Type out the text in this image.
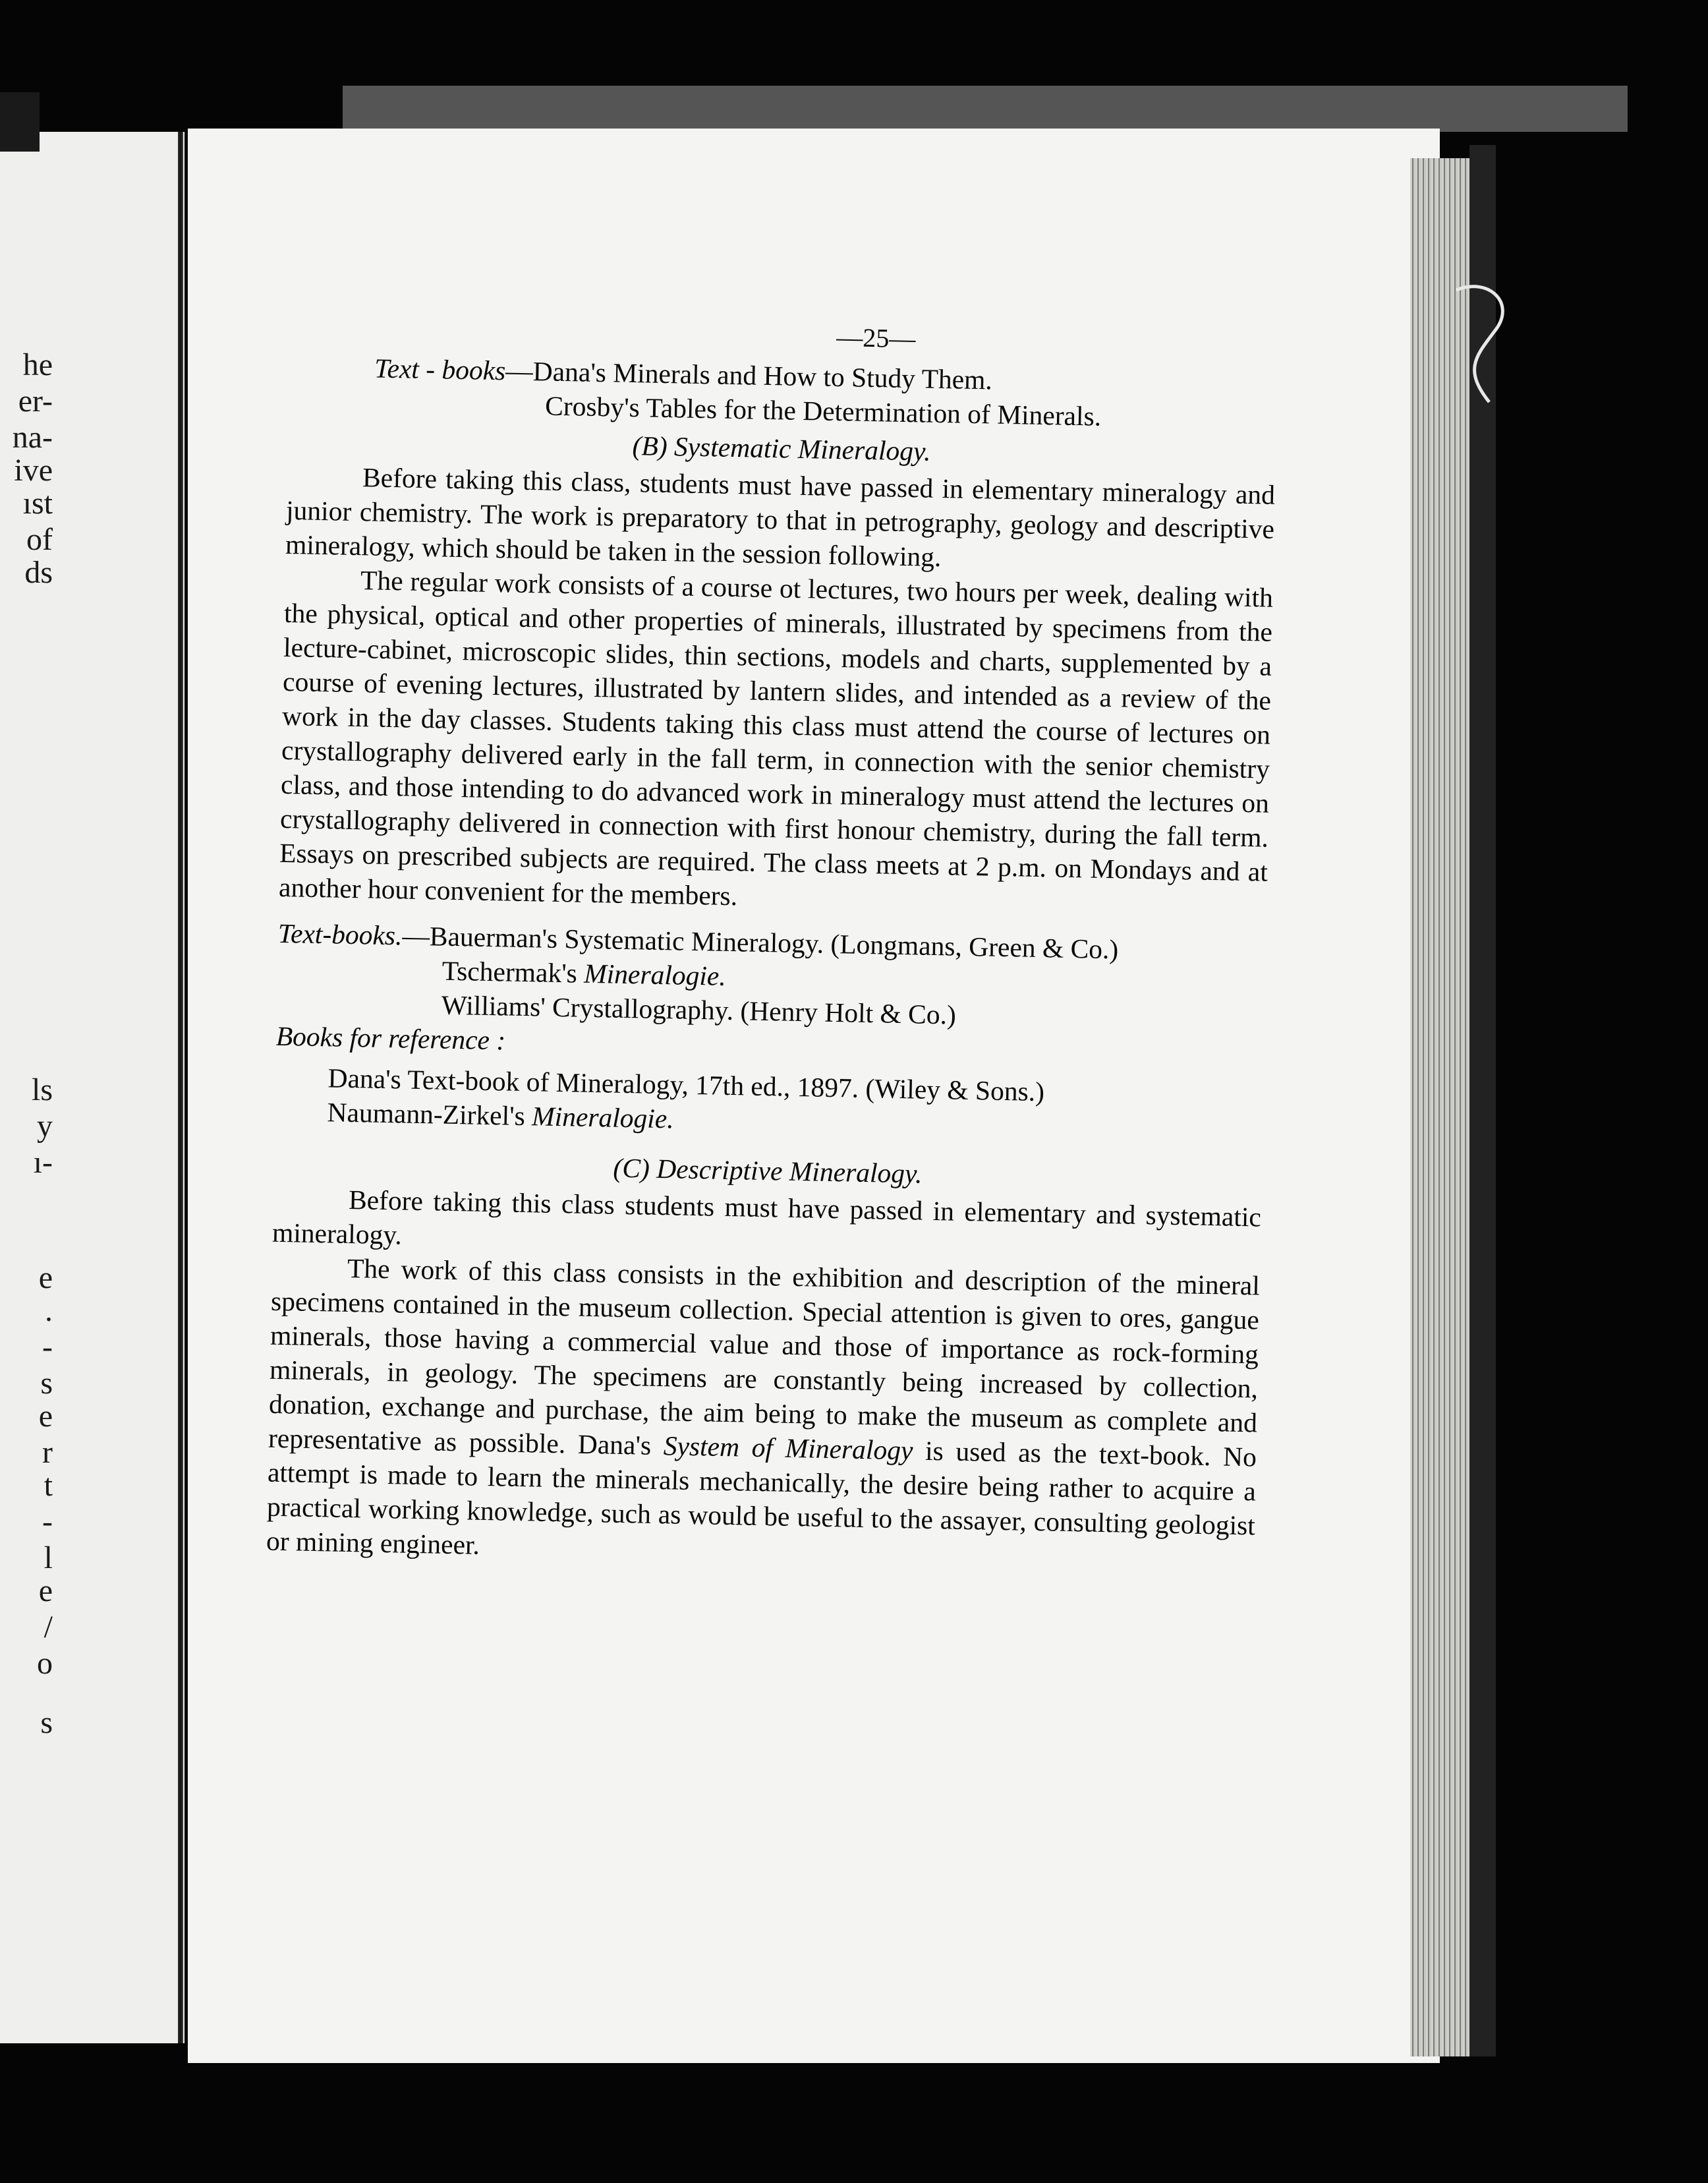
he
er-
na-
ive
ıst
of
ds
ls
y
ı-
e
.
-
s
e
r
t
-
l
e
/
o
s
—25—
Text - books—Dana's Minerals and How to Study Them.
Crosby's Tables for the Determination of Minerals.
(B) Systematic Mineralogy.

Before taking this class, students must have passed in elementary mineralogy and junior chemistry. The work is preparatory to that in petrography, geology and descriptive mineralogy, which should be taken in the session following.

The regular work consists of a course ot lectures, two hours per week, dealing with the physical, optical and other properties of minerals, illustrated by specimens from the lecture-cabinet, microscopic slides, thin sections, models and charts, supplemented by a course of evening lectures, illustrated by lantern slides, and intended as a review of the work in the day classes. Students taking this class must attend the course of lectures on crystallography delivered early in the fall term, in connection with the senior chemistry class, and those intending to do advanced work in mineralogy must attend the lectures on crystallography delivered in connection with first honour chemistry, during the fall term. Essays on prescribed subjects are required. The class meets at 2 p.m. on Mondays and at another hour convenient for the members.

Text-books.—Bauerman's Systematic Mineralogy. (Longmans, Green & Co.)
Tschermak's Mineralogie.
Williams' Crystallography. (Henry Holt & Co.)
Books for reference :
Dana's Text-book of Mineralogy, 17th ed., 1897. (Wiley & Sons.)
Naumann-Zirkel's Mineralogie.
(C) Descriptive Mineralogy.

Before taking this class students must have passed in elementary and systematic mineralogy.

The work of this class consists in the exhibition and description of the mineral specimens contained in the museum collection. Special attention is given to ores, gangue minerals, those having a commercial value and those of importance as rock-forming minerals, in geology. The specimens are constantly being increased by collection, donation, exchange and purchase, the aim being to make the museum as complete and representative as possible. Dana's System of Mineralogy is used as the text-book. No attempt is made to learn the minerals mechanically, the desire being rather to acquire a practical working knowledge, such as would be useful to the assayer, consulting geologist or mining engineer.
